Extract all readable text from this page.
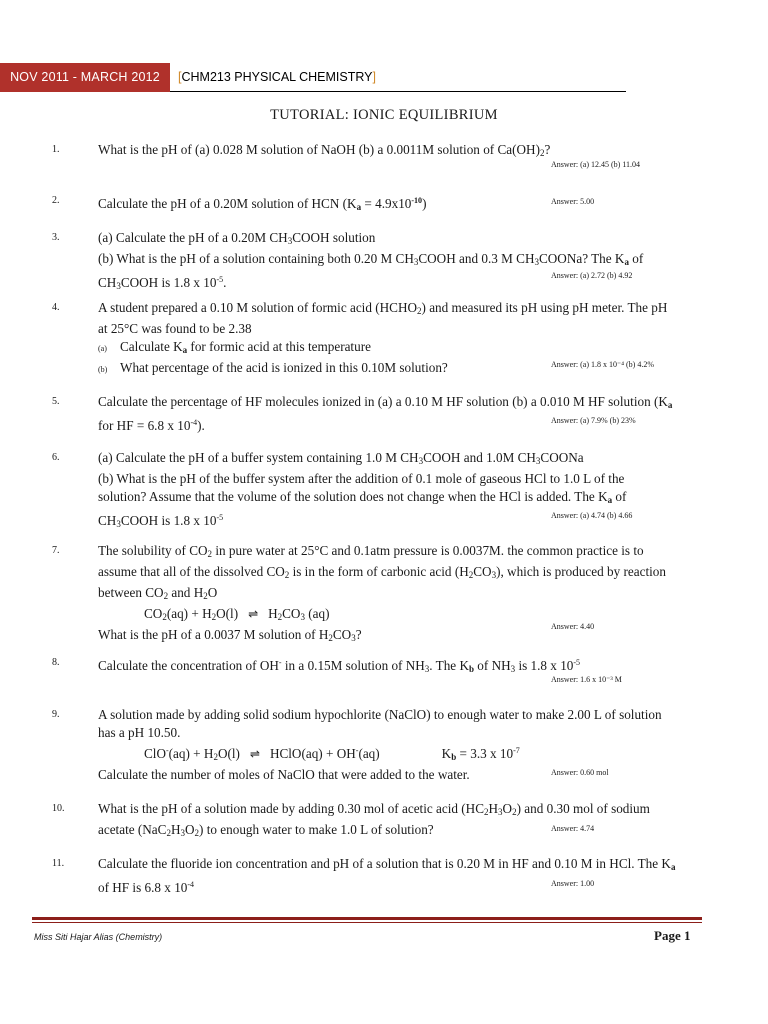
NOV 2011 - MARCH 2012	[CHM213 PHYSICAL CHEMISTRY]
TUTORIAL: IONIC EQUILIBRIUM
1.	What is the pH of (a) 0.028 M solution of NaOH (b) a 0.0011M solution of $Ca(OH)_2$?
Answer: (a) 12.45 (b) 11.04
2.	Calculate the pH of a 0.20M solution of HCN $(K_a = 4.9x10^{-10})$	Answer: 5.00
3.	(a) Calculate the pH of a 0.20M $CH_3COOH$ solution
(b) What is the pH of a solution containing both 0.20 M $CH_3COOH$ and 0.3 M $CH_3COONa$? The $K_a$ of
$CH_3COOH$ is 1.8 x $10^{-5}$.	Answer: (a) 2.72 (b) 4.92
4.	A student prepared a 0.10 M solution of formic acid $(HCHO_2)$ and measured its pH using pH meter. The pH
at 25°C was found to be 2.38
(a) Calculate $K_a$ for formic acid at this temperature
(b) What percentage of the acid is ionized in this 0.10M solution?	Answer: (a) 1.8 x 10⁻⁴ (b) 4.2%
5.	Calculate the percentage of HF molecules ionized in (a) a 0.10 M HF solution (b) a 0.010 M HF solution ($K_a$
for HF = 6.8 x $10^{-4}$).	Answer: (a) 7.9% (b) 23%
6.	(a) Calculate the pH of a buffer system containing 1.0 M $CH_3COOH$ and 1.0M $CH_3COONa$
(b) What is the pH of the buffer system after the addition of 0.1 mole of gaseous HCl to 1.0 L of the
solution? Assume that the volume of the solution does not change when the HCl is added. The $K_a$ of
$CH_3COOH$ is 1.8 x $10^{-5}$	Answer: (a) 4.74 (b) 4.66
7.	The solubility of $CO_2$ in pure water at 25°C and 0.1atm pressure is 0.0037M. the common practice is to
assume that all of the dissolved $CO_2$ is in the form of carbonic acid $(H_2CO_3)$, which is produced by reaction
between $CO_2$ and $H_2O$
$CO_2(aq) + H_2O(l)$ ⇌ $H_2CO_3$ (aq)
What is the pH of a 0.0037 M solution of $H_2CO_3$?
Answer: 4.40
8.	Calculate the concentration of OH- in a 0.15M solution of $NH_3$. The $K_b$ of $NH_3$ is 1.8 x $10^{-5}$
Answer: 1.6 x 10⁻³ M
9.	A solution made by adding solid sodium hypochlorite (NaClO) to enough water to make 2.00 L of solution
has a pH 10.50.
$ClO^-(aq) + H_2O(l)$ ⇌ HClO(aq) + OH-(aq)	$K_b = 3.3$ x $10^{-7}$
Calculate the number of moles of NaClO that were added to the water.	Answer: 0.60 mol
10.	What is the pH of a solution made by adding 0.30 mol of acetic acid $(HC_2H_3O_2)$ and 0.30 mol of sodium
acetate $(NaC_2H_3O_2)$ to enough water to make 1.0 L of solution?	Answer: 4.74
11.	Calculate the fluoride ion concentration and pH of a solution that is 0.20 M in HF and 0.10 M in HCl. The $K_a$
of HF is 6.8 x $10^{-4}$	Answer: 1.00
Miss Siti Hajar Alias (Chemistry)	Page 1
